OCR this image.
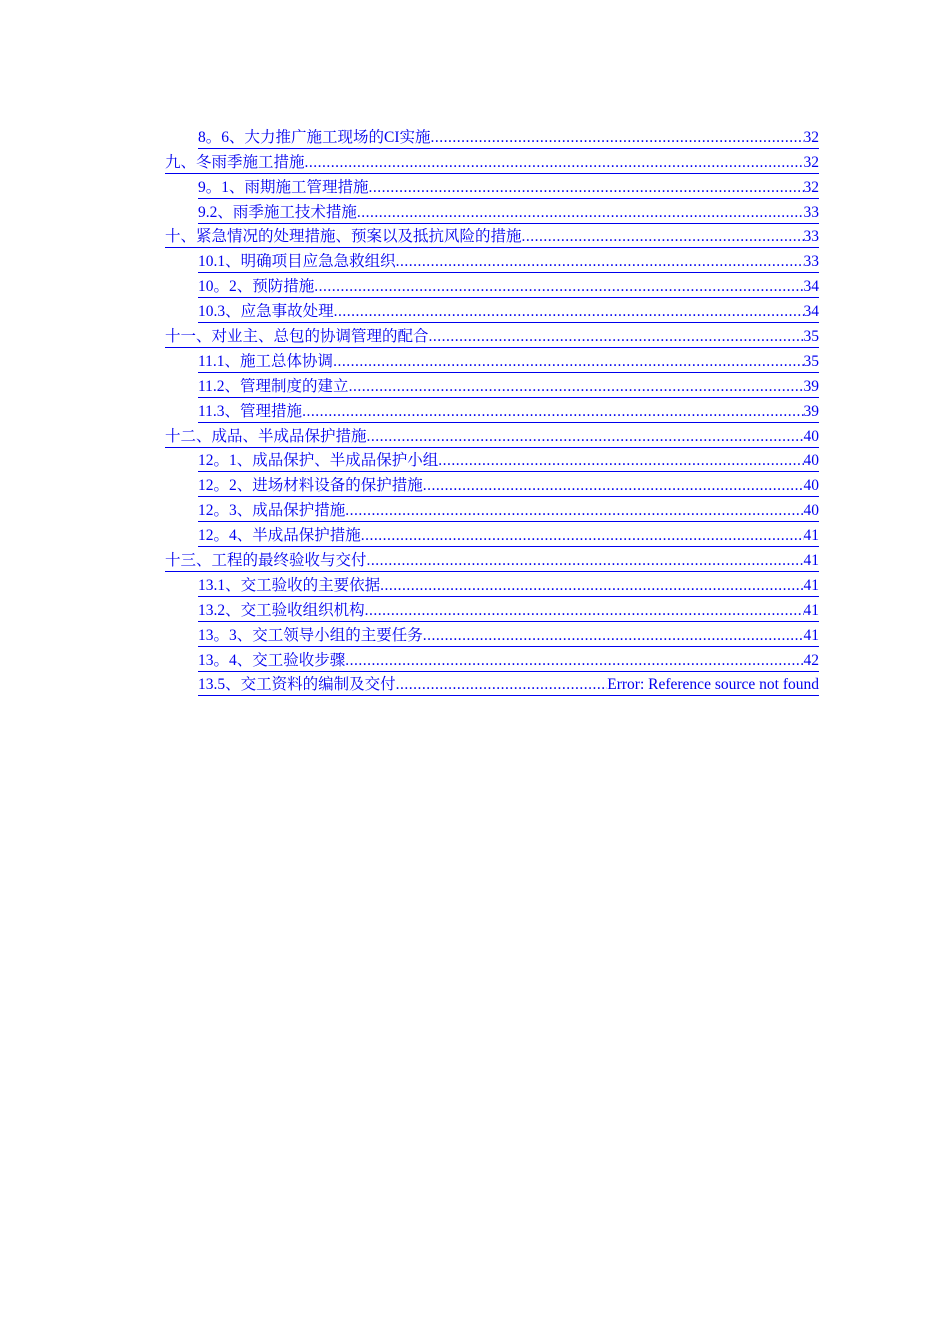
8。6、大力推广施工现场的CI实施 .....	32
九、冬雨季施工措施 .....	32
9。1、雨期施工管理措施 .....	32
9.2、雨季施工技术措施 .....	33
十、紧急情况的处理措施、预案以及抵抗风险的措施 .....	33
10.1、明确项目应急急救组织 .....	33
10。2、预防措施 .....	34
10.3、应急事故处理 .....	34
十一、对业主、总包的协调管理的配合 .....	35
11.1、施工总体协调 .....	35
11.2、管理制度的建立 .....	39
11.3、管理措施 .....	39
十二、成品、半成品保护措施 .....	40
12。1、成品保护、半成品保护小组 .....	40
12。2、进场材料设备的保护措施 .....	40
12。3、成品保护措施 .....	40
12。4、半成品保护措施 .....	41
十三、工程的最终验收与交付 .....	41
13.1、交工验收的主要依据 .....	41
13.2、交工验收组织机构 .....	41
13。3、交工领导小组的主要任务 .....	41
13。4、交工验收步骤 .....	42
13.5、交工资料的编制及交付 .....	Error: Reference source not found
